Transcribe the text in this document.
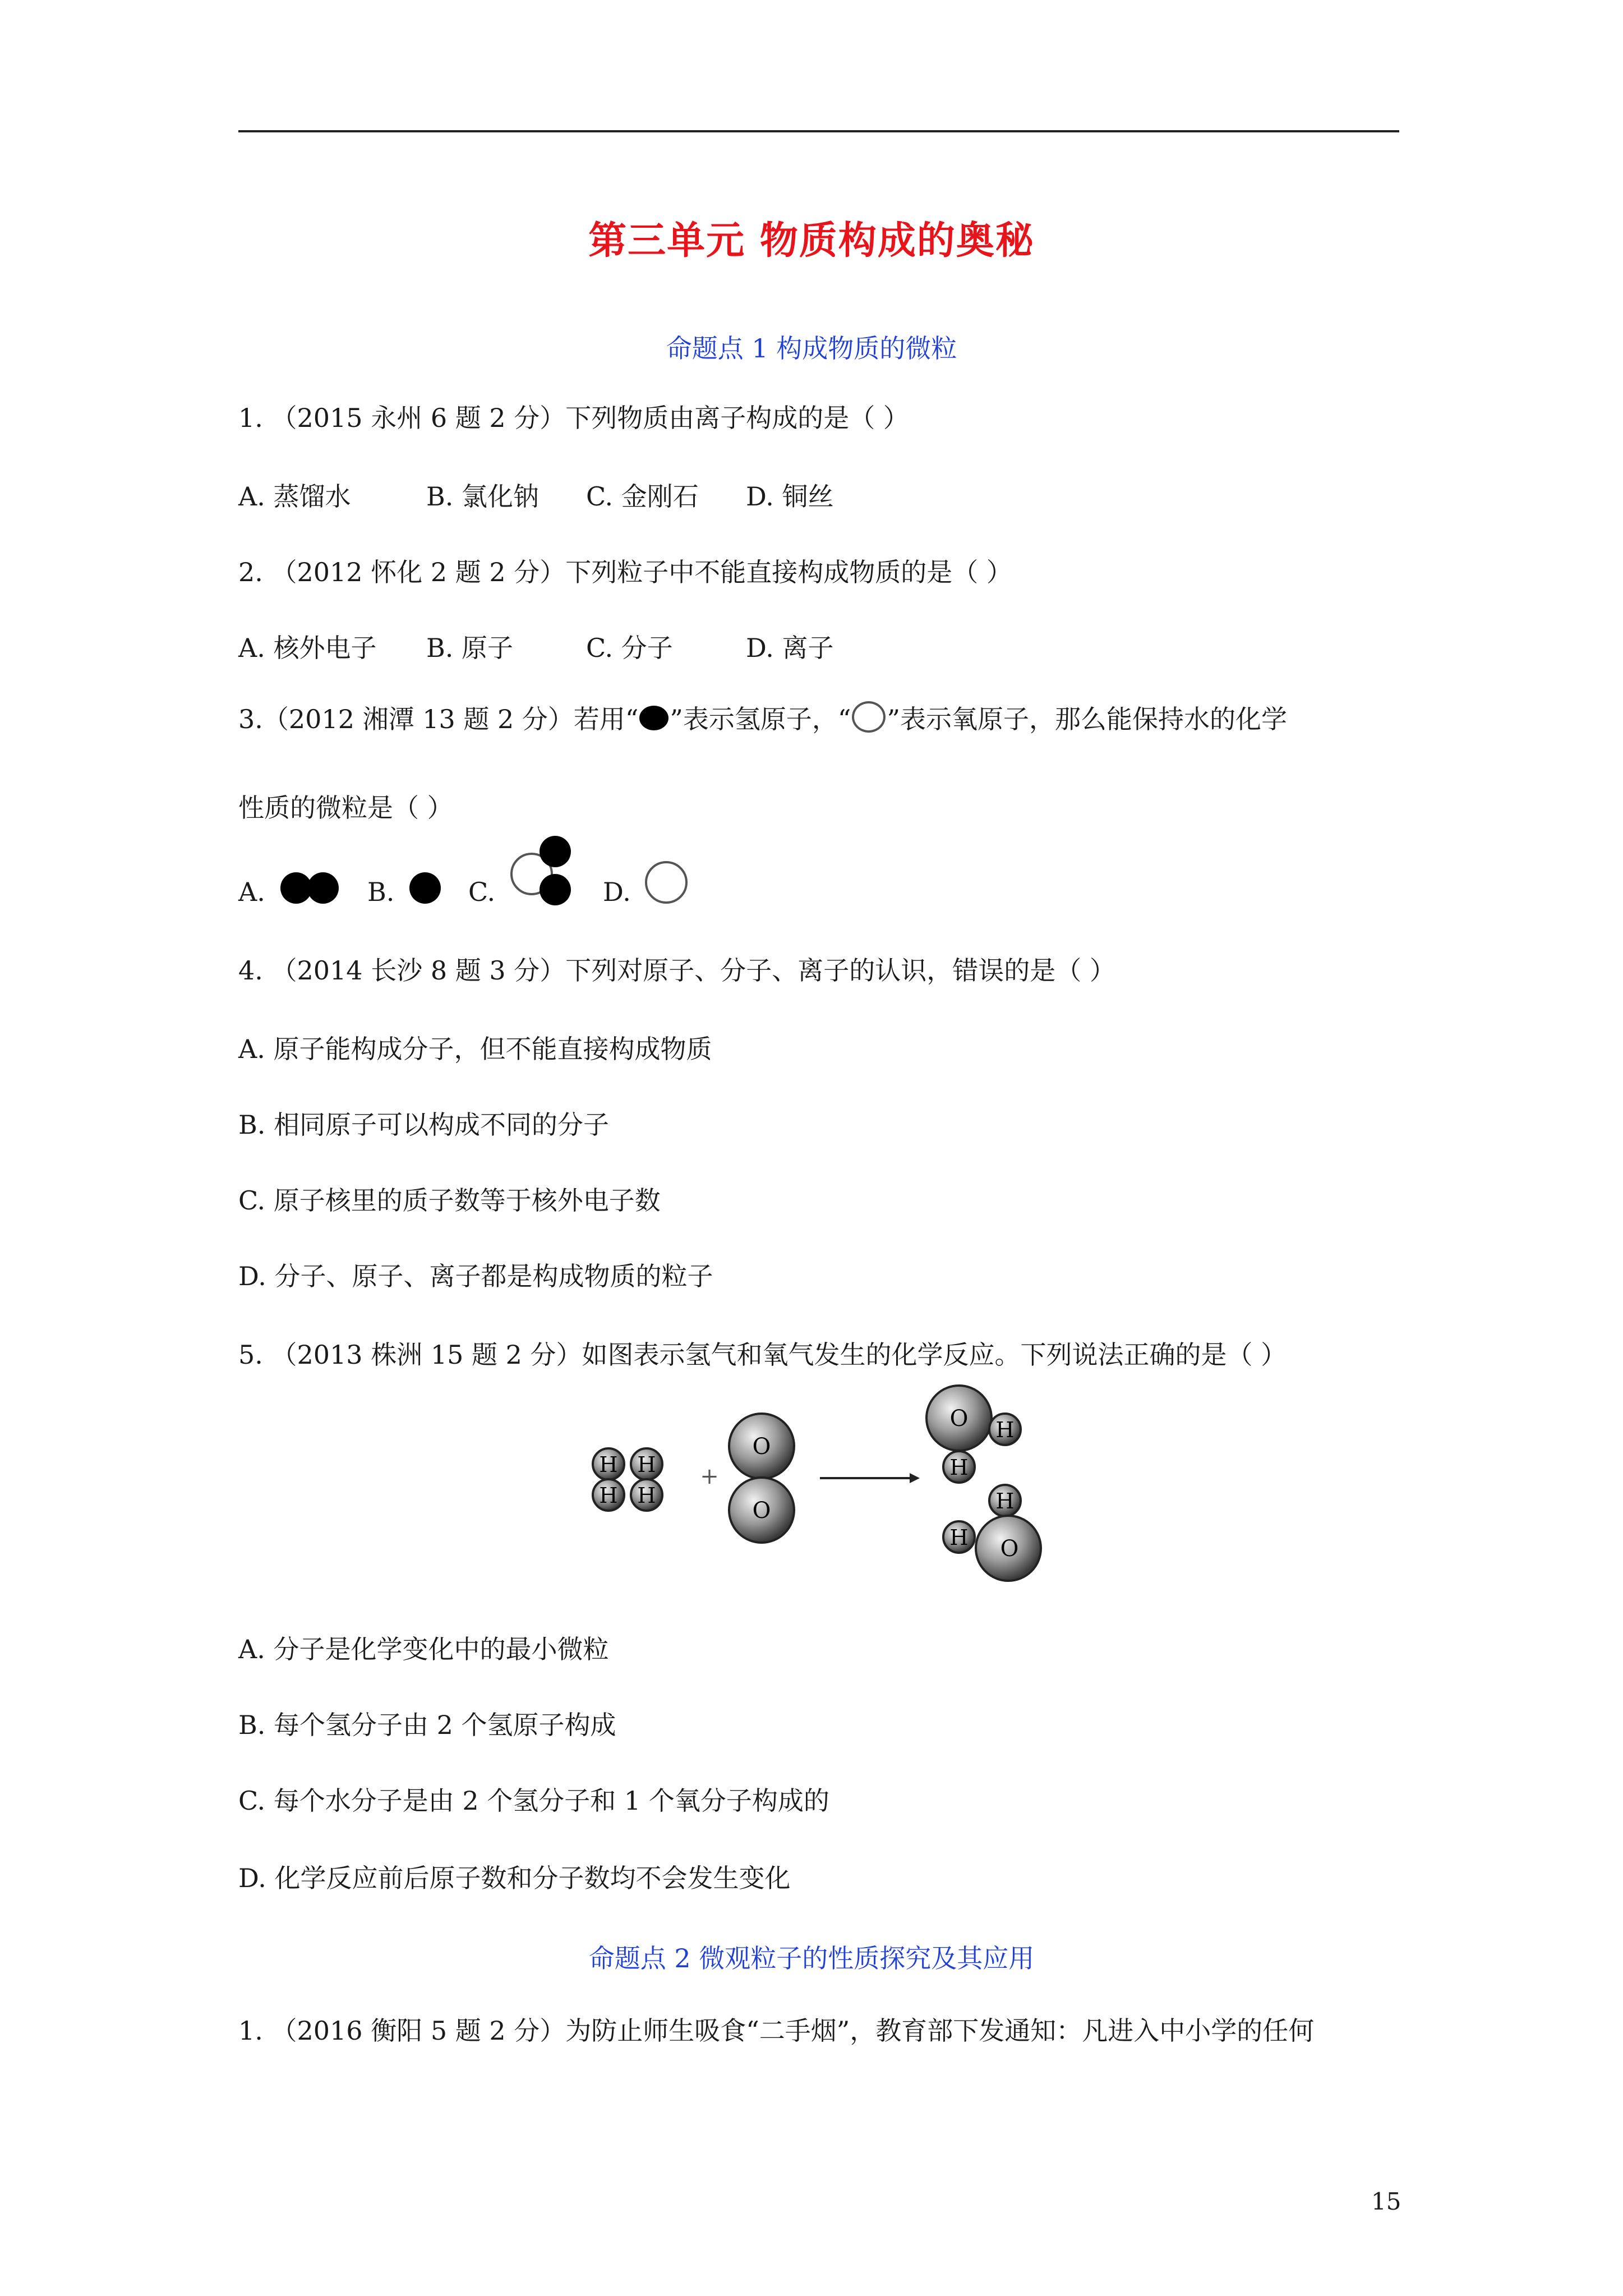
第三单元 物质构成的奥秘
命题点 1 构成物质的微粒
1. （2015 永州 6 题 2 分）下列物质由离子构成的是（ ）
A. 蒸馏水	B. 氯化钠 C. 金刚石 D. 铜丝
2. （2012 怀化 2 题 2 分）下列粒子中不能直接构成物质的是（ ）
A. 核外电子 B. 原子	C. 分子	D. 离子
3.（2012 湘潭 13 题 2 分）若用“ ”表示氢原子，“ ”表示氧原子，那么能保持水的化学
性质的微粒是（ ）
A.	B.	C.	D.
4. （2014 长沙 8 题 3 分）下列对原子、分子、离子的认识，错误的是（ ）
A. 原子能构成分子，但不能直接构成物质
B. 相同原子可以构成不同的分子
C. 原子核里的质子数等于核外电子数
D. 分子、原子、离子都是构成物质的粒子
5. （2013 株洲 15 题 2 分）如图表示氢气和氧气发生的化学反应。下列说法正确的是（ ）
H
H
H
H
+
O
O
O H
H
H
H O
A. 分子是化学变化中的最小微粒
B. 每个氢分子由 2 个氢原子构成
C. 每个水分子是由 2 个氢分子和 1 个氧分子构成的
D. 化学反应前后原子数和分子数均不会发生变化
命题点 2 微观粒子的性质探究及其应用
1. （2016 衡阳 5 题 2 分）为防止师生吸食“二手烟”，教育部下发通知：凡进入中小学的任何
15
